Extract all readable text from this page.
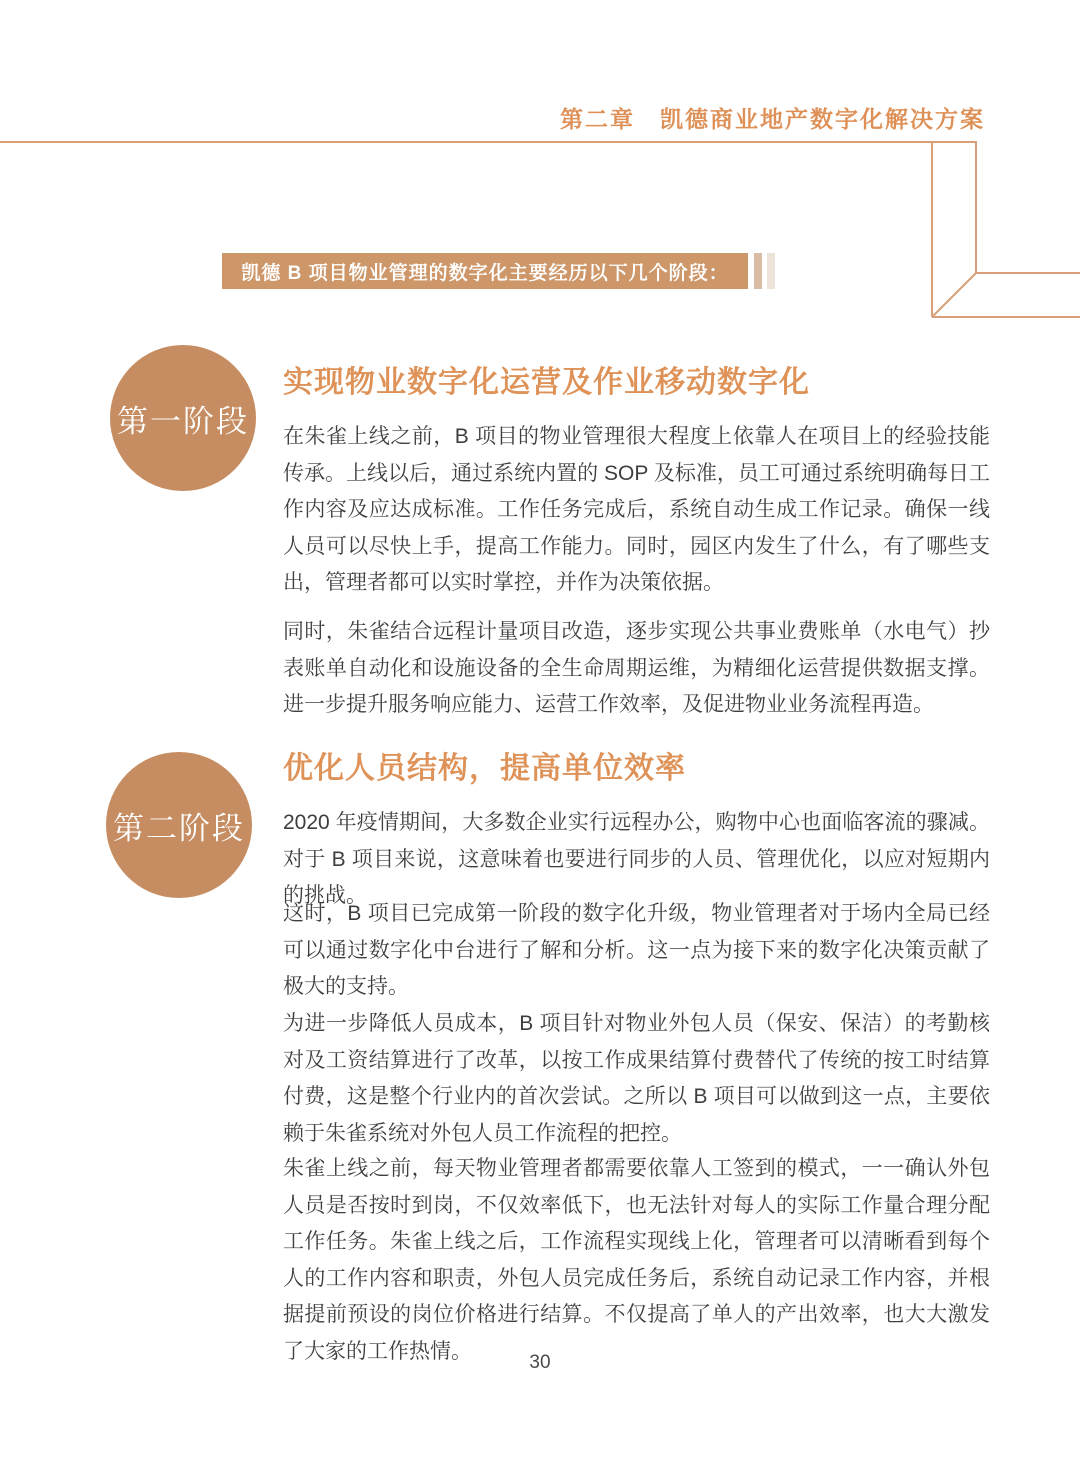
第二章　凯德商业地产数字化解决方案
凯德 B 项目物业管理的数字化主要经历以下几个阶段：
第一阶段
实现物业数字化运营及作业移动数字化

在朱雀上线之前，B 项目的物业管理很大程度上依靠人在项目上的经验技能传承。上线以后，通过系统内置的 SOP 及标准，员工可通过系统明确每日工作内容及应达成标准。工作任务完成后，系统自动生成工作记录。确保一线人员可以尽快上手，提高工作能力。同时，园区内发生了什么，有了哪些支出，管理者都可以实时掌控，并作为决策依据。

同时，朱雀结合远程计量项目改造，逐步实现公共事业费账单（水电气）抄表账单自动化和设施设备的全生命周期运维，为精细化运营提供数据支撑。进一步提升服务响应能力、运营工作效率，及促进物业业务流程再造。

第二阶段
优化人员结构，提高单位效率

2020 年疫情期间，大多数企业实行远程办公，购物中心也面临客流的骤减。对于 B 项目来说，这意味着也要进行同步的人员、管理优化，以应对短期内的挑战。

这时，B 项目已完成第一阶段的数字化升级，物业管理者对于场内全局已经可以通过数字化中台进行了解和分析。这一点为接下来的数字化决策贡献了极大的支持。

为进一步降低人员成本，B 项目针对物业外包人员（保安、保洁）的考勤核对及工资结算进行了改革，以按工作成果结算付费替代了传统的按工时结算付费，这是整个行业内的首次尝试。之所以 B 项目可以做到这一点，主要依赖于朱雀系统对外包人员工作流程的把控。

朱雀上线之前，每天物业管理者都需要依靠人工签到的模式，一一确认外包人员是否按时到岗，不仅效率低下，也无法针对每人的实际工作量合理分配工作任务。朱雀上线之后，工作流程实现线上化，管理者可以清晰看到每个人的工作内容和职责，外包人员完成任务后，系统自动记录工作内容，并根据提前预设的岗位价格进行结算。不仅提高了单人的产出效率，也大大激发了大家的工作热情。	30
